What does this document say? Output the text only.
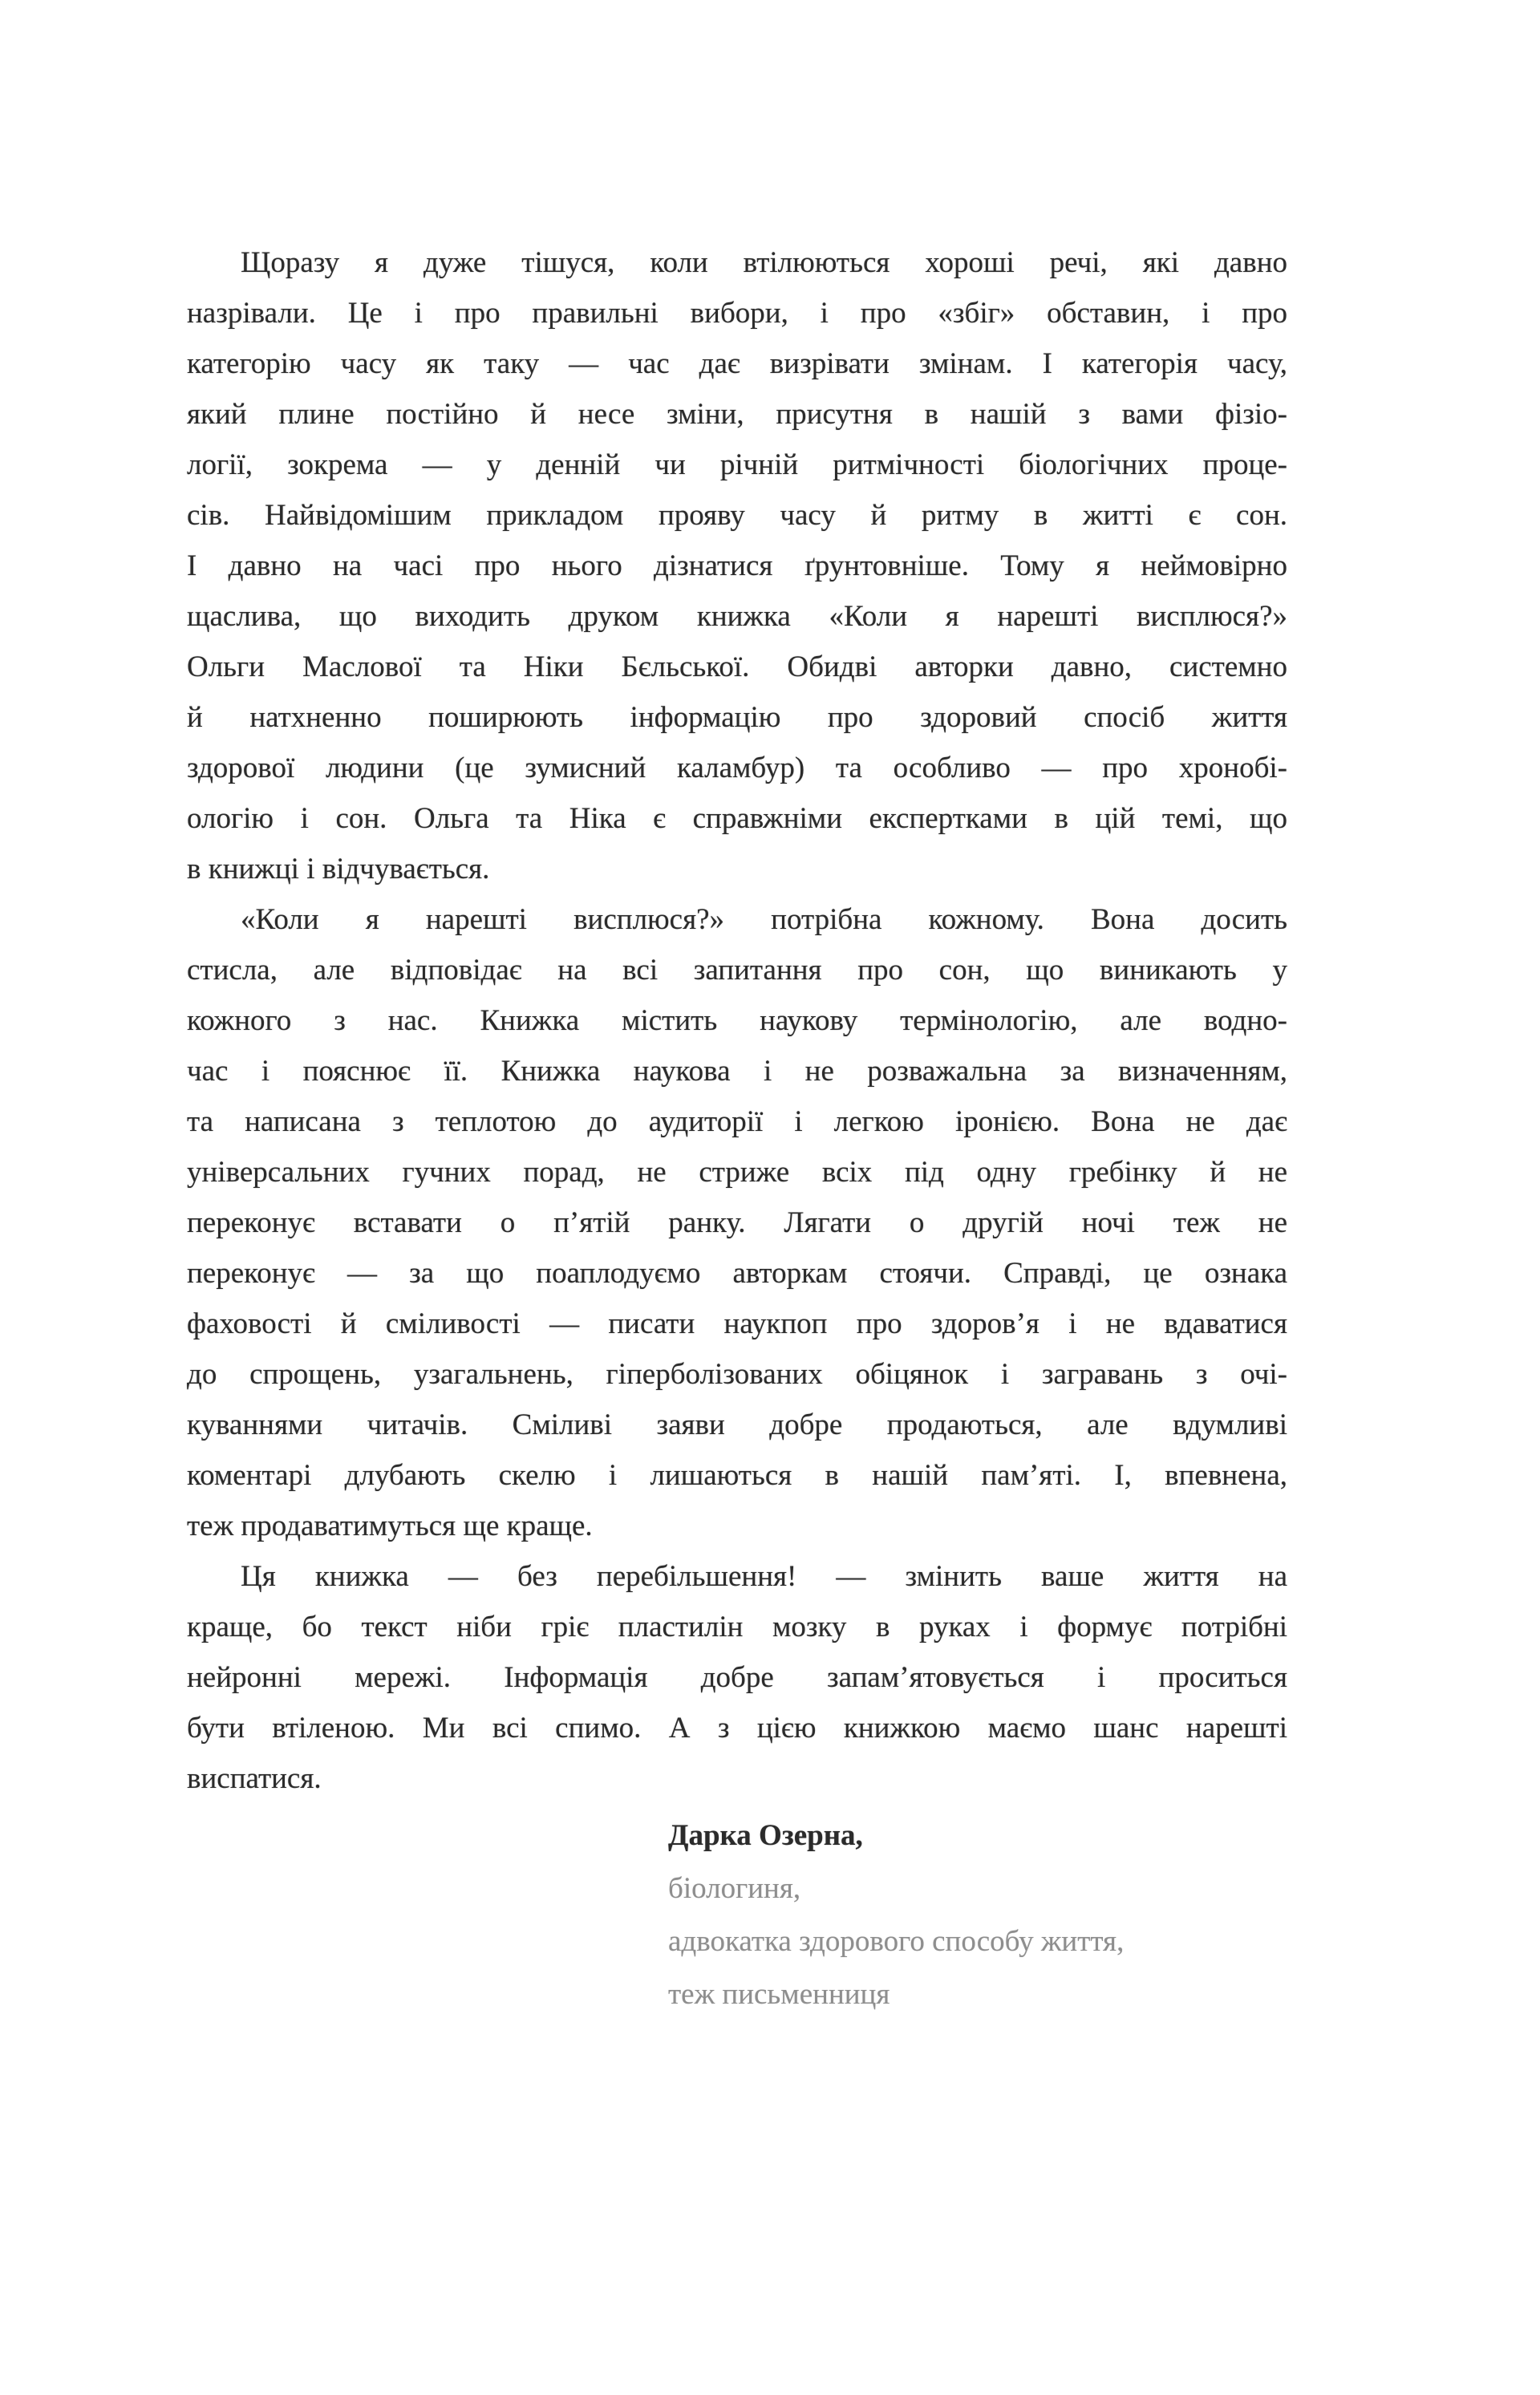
Щоразу я дуже тішуся, коли втілюються хороші речі, які давно
назрівали. Це і про правильні вибори, і про «збіг» обставин, і про
категорію часу як таку — час дає визрівати змінам. І категорія часу,
який плине постійно й несе зміни, присутня в нашій з вами фізіо-
логії, зокрема — у денній чи річній ритмічності біологічних проце-
сів. Найвідомішим прикладом прояву часу й ритму в житті є сон.
І давно на часі про нього дізнатися ґрунтовніше. Тому я неймовірно
щаслива, що виходить друком книжка «Коли я нарешті висплюся?»
Ольги Маслової та Ніки Бєльської. Обидві авторки давно, системно
й натхненно поширюють інформацію про здоровий спосіб життя
здорової людини (це зумисний каламбур) та особливо — про хронобі-
ологію і сон. Ольга та Ніка є справжніми експертками в цій темі, що
в книжці і відчувається.
«Коли я нарешті висплюся?» потрібна кожному. Вона досить
стисла, але відповідає на всі запитання про сон, що виникають у
кожного з нас. Книжка містить наукову термінологію, але водно-
час і пояснює її. Книжка наукова і не розважальна за визначенням,
та написана з теплотою до аудиторії і легкою іронією. Вона не дає
універсальних гучних порад, не стриже всіх під одну гребінку й не
переконує вставати о п’ятій ранку. Лягати о другій ночі теж не
переконує — за що поаплодуємо авторкам стоячи. Справді, це ознака
фаховості й сміливості — писати наукпоп про здоров’я і не вдаватися
до спрощень, узагальнень, гіперболізованих обіцянок і загравань з очі-
куваннями читачів. Сміливі заяви добре продаються, але вдумливі
коментарі длубають скелю і лишаються в нашій пам’яті. І, впевнена,
теж продаватимуться ще краще.
Ця книжка — без перебільшення! — змінить ваше життя на
краще, бо текст ніби гріє пластилін мозку в руках і формує потрібні
нейронні мережі. Інформація добре запам’ятовується і проситься
бути втіленою. Ми всі спимо. А з цією книжкою маємо шанс нарешті
виспатися.
Дарка Озерна,
біологиня,
адвокатка здорового способу життя,
теж письменниця
